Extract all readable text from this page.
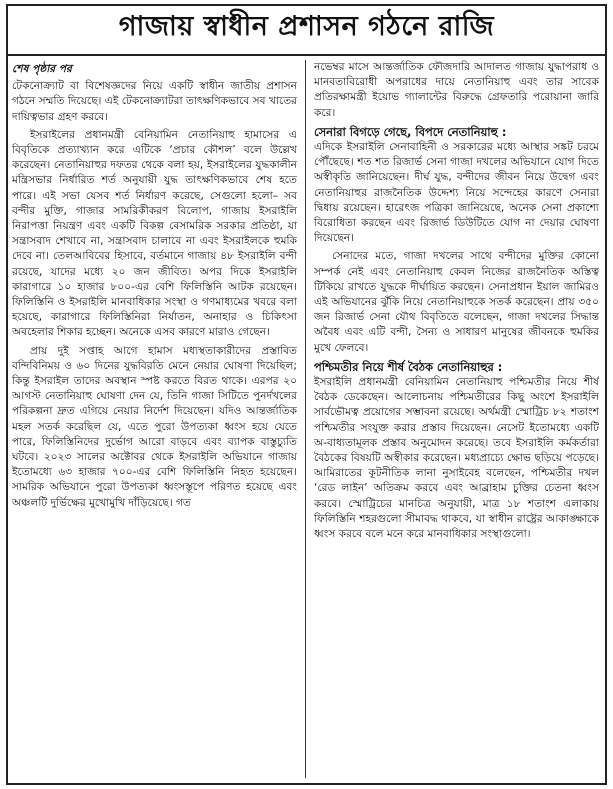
গাজায় স্বাধীন প্রশাসন গঠনে রাজি
শেষ পৃষ্ঠার পর

টেকনোক্র্যাট বা বিশেষজ্ঞদের নিয়ে একটি স্বাধীন জাতীয় প্রশাসন গঠনে সম্মতি দিয়েছে। এই টেকনোক্র্যাটরা তাৎক্ষণিকভাবে সব খাতের দায়িত্বভার গ্রহণ করবে।

ইসরাইলের প্রধানমন্ত্রী বেনিয়ামিন নেতানিয়াহু হামাসের এ বিবৃতিকে প্রত্যাখ্যান করে এটিকে ‘প্রচার কৌশল’ বলে উল্লেখ করেছেন। নেতানিয়াহুর দফতর থেকে বলা হয়, ইসরাইলের যুদ্ধকালীন মন্ত্রিসভার নির্ধারিত শর্ত অনুযায়ী যুদ্ধ তাৎক্ষণিকভাবে শেষ হতে পারে। এই সভা যেসব শর্ত নির্ধারণ করেছে, সেগুলো হলো– সব বন্দীর মুক্তি, গাজার সামরিকীকরণ বিলোপ, গাজায় ইসরাইলি নিরাপত্তা নিয়ন্ত্রণ এবং একটি বিকল্প বেসামরিক সরকার প্রতিষ্ঠা, যা সন্ত্রাসবাদ শেখাবে না, সন্ত্রাসবাদ চালাবে না এবং ইসরাইলকে হুমকি দেবে না। তেলআবিবের হিসাবে, বর্তমানে গাজায় ৪৮ ইসরাইলি বন্দী রয়েছে, যাদের মধ্যে ২০ জন জীবিত। অপর দিকে ইসরাইলি কারাগারে ১০ হাজার ৮০০-এর বেশি ফিলিস্তিনি আটক রয়েছেন। ফিলিস্তিনি ও ইসরাইলি মানবাধিকার সংস্থা ও গণমাধ্যমের খবরে বলা হয়েছে, কারাগারে ফিলিস্তিনিরা নির্যাতন, অনাহার ও চিকিৎসা অবহেলার শিকার হচ্ছেন। অনেকে এসব কারণে মারাও গেছেন।

প্রায় দুই সপ্তাহ আগে হামাস মধ্যস্থতাকারীদের প্রস্তাবিত বন্দিবিনিময় ও ৬০ দিনের যুদ্ধবিরতি মেনে নেয়ার ঘোষণা দিয়েছিল; কিন্তু ইসরাইল তাদের অবস্থান স্পষ্ট করতে বিরত থাকে। এরপর ২০ আগস্ট নেতানিয়াহু ঘোষণা দেন যে, তিনি গাজা সিটিতে পুনর্দখলের পরিকল্পনা দ্রুত এগিয়ে নেয়ার নির্দেশ দিয়েছেন। যদিও আন্তর্জাতিক মহল সতর্ক করেছিল যে, এতে পুরো উপত্যকা ধ্বংস হয়ে যেতে পারে, ফিলিস্তিনিদের দুর্ভোগ আরো বাড়বে এবং ব্যাপক বাস্তুচ্যুতি ঘটবে। ২০২৩ সালের অক্টোবর থেকে ইসরাইলি অভিযানে গাজায় ইতোমধ্যে ৬৩ হাজার ৭০০-এর বেশি ফিলিস্তিনি নিহত হয়েছেন। সামরিক অভিযানে পুরো উপত্যকা ধ্বংসস্তূপে পরিণত হয়েছে এবং অঞ্চলটি দুর্ভিক্ষের মুখোমুখি দাঁড়িয়েছে। গত

নভেম্বর মাসে আন্তর্জাতিক ফৌজদারি আদালত গাজায় যুদ্ধাপরাধ ও মানবতাবিরোধী অপরাধের দায়ে নেতানিয়াহু এবং তার সাবেক প্রতিরক্ষামন্ত্রী ইয়োভ গ্যালান্টের বিরুদ্ধে গ্রেফতারি পরোয়ানা জারি করে।

সেনারা বিগড়ে গেছে, বিপদে নেতানিয়াহু :

এদিকে ইসরাইলি সেনাবাহিনী ও সরকারের মধ্যে আস্থার সঙ্কট চরমে পৌঁছেছে। শত শত রিজার্ভ সেনা গাজা দখলের অভিযানে যোগ দিতে অস্বীকৃতি জানিয়েছেন। দীর্ঘ যুদ্ধ, বন্দীদের জীবন নিয়ে উদ্বেগ এবং নেতানিয়াহুর রাজনৈতিক উদ্দেশ্য নিয়ে সন্দেহের কারণে সেনারা দ্বিধায় রয়েছেন। হারেৎজ পত্রিকা জানিয়েছে, অনেক সেনা প্রকাশ্যে বিরোধিতা করছেন এবং রিজার্ভ ডিউটিতে যোগ না দেয়ার ঘোষণা দিয়েছেন।

সেনাদের মতে, গাজা দখলের সাথে বন্দীদের মুক্তির কোনো সম্পর্ক নেই এবং নেতানিয়াহু কেবল নিজের রাজনৈতিক অস্তিত্ব টিকিয়ে রাখতে যুদ্ধকে দীর্ঘায়িত করছেন। সেনাপ্রধান ইয়াল জামিরও এই অভিযানের ঝুঁকি নিয়ে নেতানিয়াহুকে সতর্ক করেছেন। প্রায় ৩৫০ জন রিজার্ভ সেনা যৌথ বিবৃতিতে বলেছেন, গাজা দখলের সিদ্ধান্ত অবৈধ এবং এটি বন্দী, সৈন্য ও সাধারণ মানুষের জীবনকে হুমকির মুখে ফেলবে।

পশ্চিমতীর নিয়ে শীর্ষ বৈঠক নেতানিয়াহুর :

ইসরাইলি প্রধানমন্ত্রী বেনিয়ামিন নেতানিয়াহু পশ্চিমতীর নিয়ে শীর্ষ বৈঠক ডেকেছেন। আলোচনায় পশ্চিমতীরের কিছু অংশে ইসরাইলি সার্বভৌমত্ব প্রয়োগের সম্ভাবনা রয়েছে। অর্থমন্ত্রী স্মোট্রিচ ৮২ শতাংশ পশ্চিমতীর সংযুক্ত করার প্রস্তাব দিয়েছেন। নেসেট ইতোমধ্যে একটি অ-বাধ্যতামূলক প্রস্তাব অনুমোদন করেছে। তবে ইসরাইলি কর্মকর্তারা বৈঠকের বিষয়টি অস্বীকার করেছেন। মধ্যপ্রাচ্যে ক্ষোভ ছড়িয়ে পড়েছে। আমিরাতের কূটনীতিক লানা নুসাইবেহ বলেছেন, পশ্চিমতীর দখল ‘রেড লাইন’ অতিক্রম করবে এবং আব্রাহাম চুক্তির চেতনা ধ্বংস করবে। স্মোট্রিচের মানচিত্র অনুযায়ী, মাত্র ১৮ শতাংশ এলাকায় ফিলিস্তিনি শহরগুলো সীমাবদ্ধ থাকবে, যা স্বাধীন রাষ্ট্রের আকাঙ্ক্ষাকে ধ্বংস করবে বলে মনে করে মানবাধিকার সংস্থাগুলো।
